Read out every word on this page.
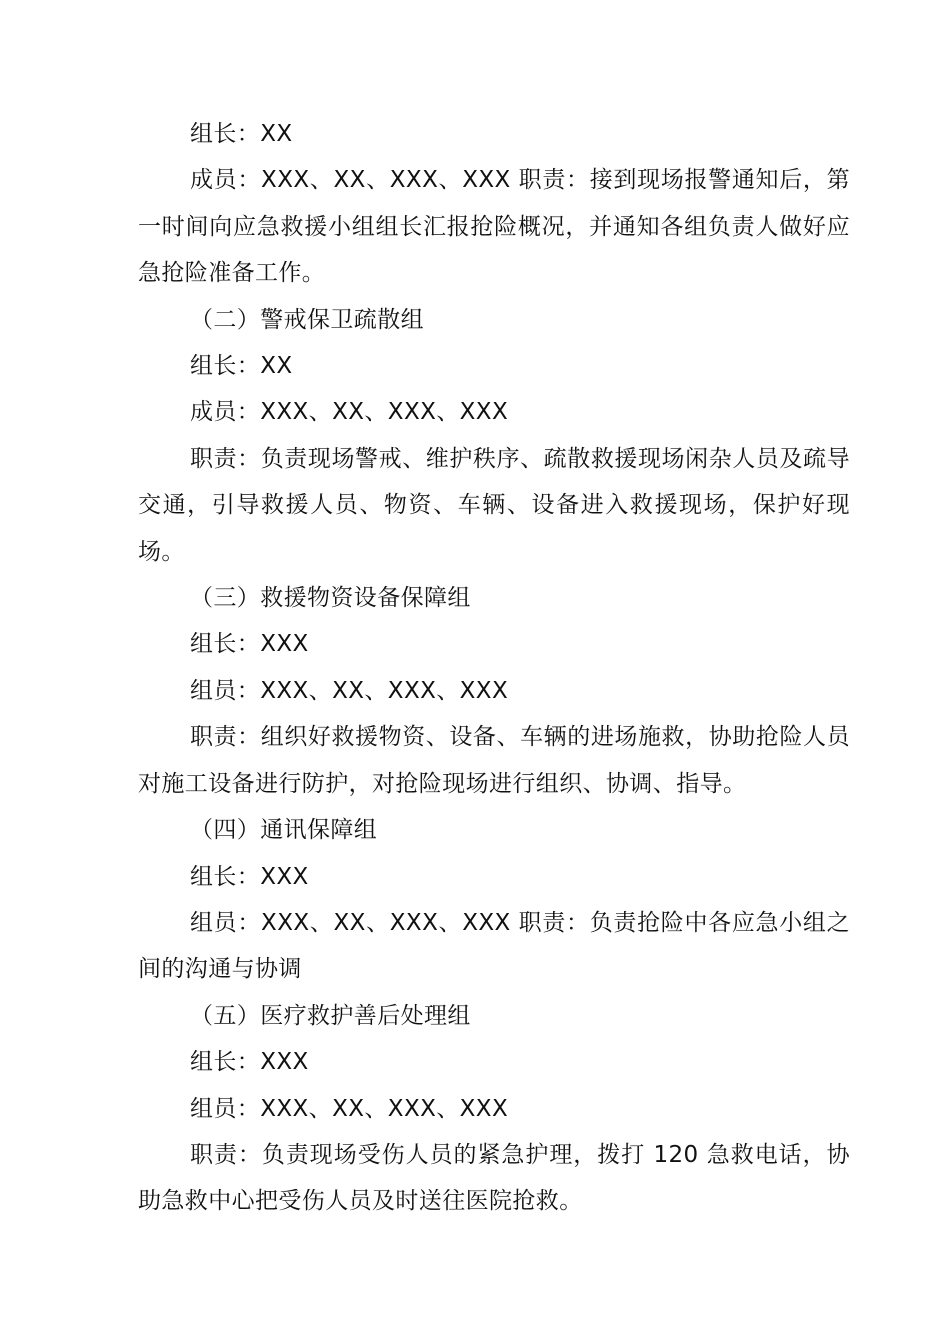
组长：XX

成员：XXX、XX、XXX、XXX 职责：接到现场报警通知后，第一时间向应急救援小组组长汇报抢险概况，并通知各组负责人做好应急抢险准备工作。

（二）警戒保卫疏散组

组长：XX

成员：XXX、XX、XXX、XXX

职责：负责现场警戒、维护秩序、疏散救援现场闲杂人员及疏导交通，引导救援人员、物资、车辆、设备进入救援现场，保护好现场。

（三）救援物资设备保障组

组长：XXX

组员：XXX、XX、XXX、XXX

职责：组织好救援物资、设备、车辆的进场施救，协助抢险人员对施工设备进行防护，对抢险现场进行组织、协调、指导。

（四）通讯保障组

组长：XXX

组员：XXX、XX、XXX、XXX 职责：负责抢险中各应急小组之间的沟通与协调

（五）医疗救护善后处理组

组长：XXX

组员：XXX、XX、XXX、XXX

职责：负责现场受伤人员的紧急护理，拨打 120 急救电话，协助急救中心把受伤人员及时送往医院抢救。
